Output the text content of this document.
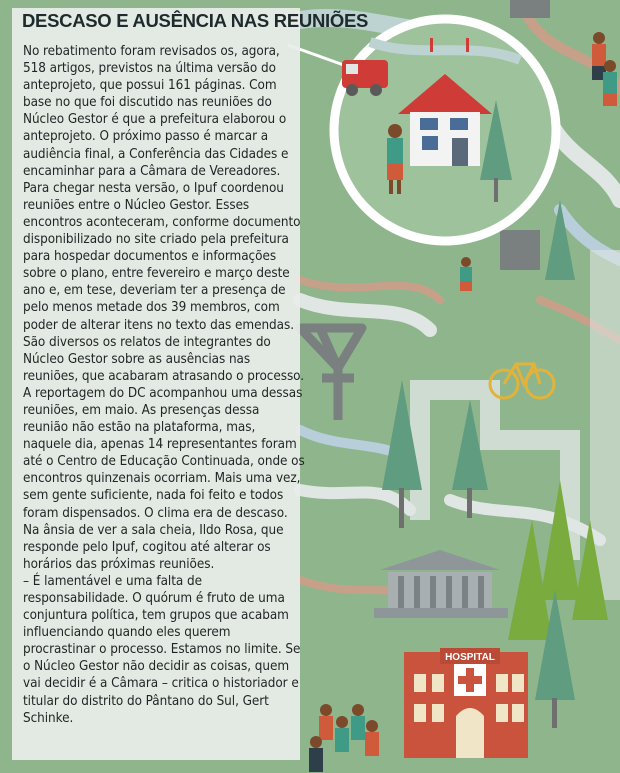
HOSPITAL
DESCASO E AUSÊNCIA NAS REUNIÕES

No rebatimento foram revisados os, agora, 518 artigos, previstos na última versão do anteprojeto, que possui 161 páginas. Com base no que foi discutido nas reuniões do Núcleo Gestor é que a prefeitura elaborou o anteprojeto. O próximo passo é marcar a audiência final, a Conferência das Cidades e encaminhar para a Câmara de Vereadores. Para chegar nesta versão, o Ipuf coordenou reuniões entre o Núcleo Gestor. Esses encontros aconteceram, conforme documento disponibilizado no site criado pela prefeitura para hospedar documentos e informações sobre o plano, entre fevereiro e março deste ano e, em tese, deveriam ter a presença de pelo menos metade dos 39 membros, com poder de alterar itens no texto das emendas.

São diversos os relatos de integrantes do Núcleo Gestor sobre as ausências nas reuniões, que acabaram atrasando o processo. A reportagem do DC acompanhou uma dessas reuniões, em maio. As presenças dessa reunião não estão na plataforma, mas, naquele dia, apenas 14 representantes foram até o Centro de Educação Continuada, onde os encontros quinzenais ocorriam. Mais uma vez, sem gente suficiente, nada foi feito e todos foram dispensados. O clima era de descaso. Na ânsia de ver a sala cheia, Ildo Rosa, que responde pelo Ipuf, cogitou até alterar os horários das próximas reuniões.

– É lamentável e uma falta de responsabilidade. O quórum é fruto de uma conjuntura política, tem grupos que acabam influenciando quando eles querem procrastinar o processo. Estamos no limite. Se o Núcleo Gestor não decidir as coisas, quem vai decidir é a Câmara – critica o historiador e titular do distrito do Pântano do Sul, Gert Schinke.
